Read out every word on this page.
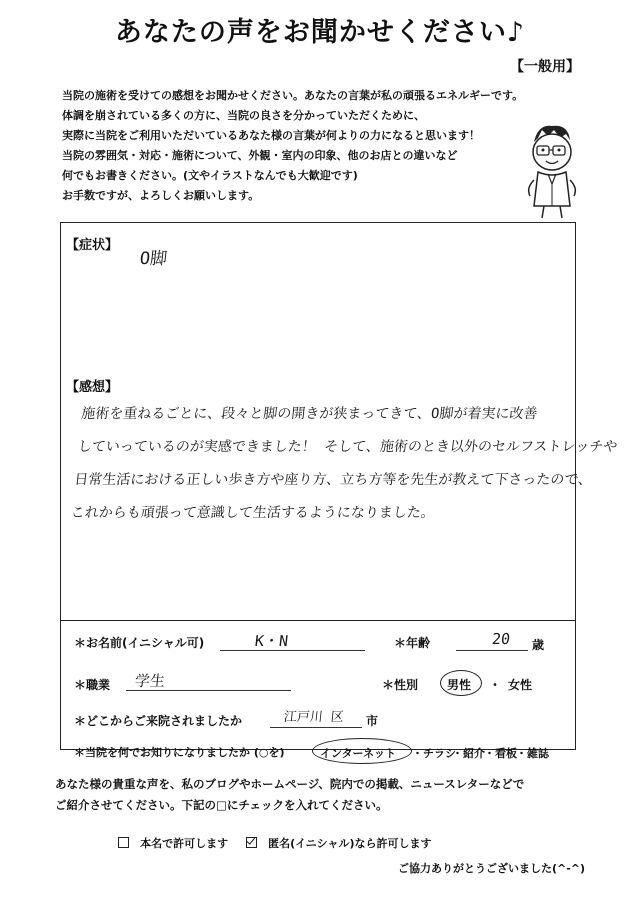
あなたの声をお聞かせください♪
【一般用】
当院の施術を受けての感想をお聞かせください。あなたの言葉が私の頑張るエネルギーです。
体調を崩されている多くの方に、当院の良さを分かっていただくために、
実際に当院をご利用いただいているあなた様の言葉が何よりの力になると思います！
当院の雰囲気・対応・施術について、外観・室内の印象、他のお店との違いなど
何でもお書きください。(文やイラストなんでも大歓迎です)
お手数ですが、よろしくお願いします。
【症状】
O脚
【感想】
施術を重ねるごとに、段々と脚の開きが狭まってきて、O脚が着実に改善
していっているのが実感できました！ そして、施術のとき以外のセルフストレッチや
日常生活における正しい歩き方や座り方、立ち方等を先生が教えて下さったので、
これからも頑張って意識して生活するようになりました。
＊お名前(イニシャル可)	K・N	＊年齢	20 歳
＊職業 学生	＊性別 男性 ・ 女性
＊どこからご来院されましたか	江戸川 区 市
＊当院を何でお知りになりましたか (○を)	インターネット ・チラシ
・紹介 ・看板 ・雑誌
あなた様の貴重な声を、私のブログやホームページ、院内での掲載、ニュースレターなどで
ご紹介させてください。下記の□にチェックを入れてください。
本名で許可します	匿名(イニシャル)なら許可します
ご協力ありがとうございました(^-^)
